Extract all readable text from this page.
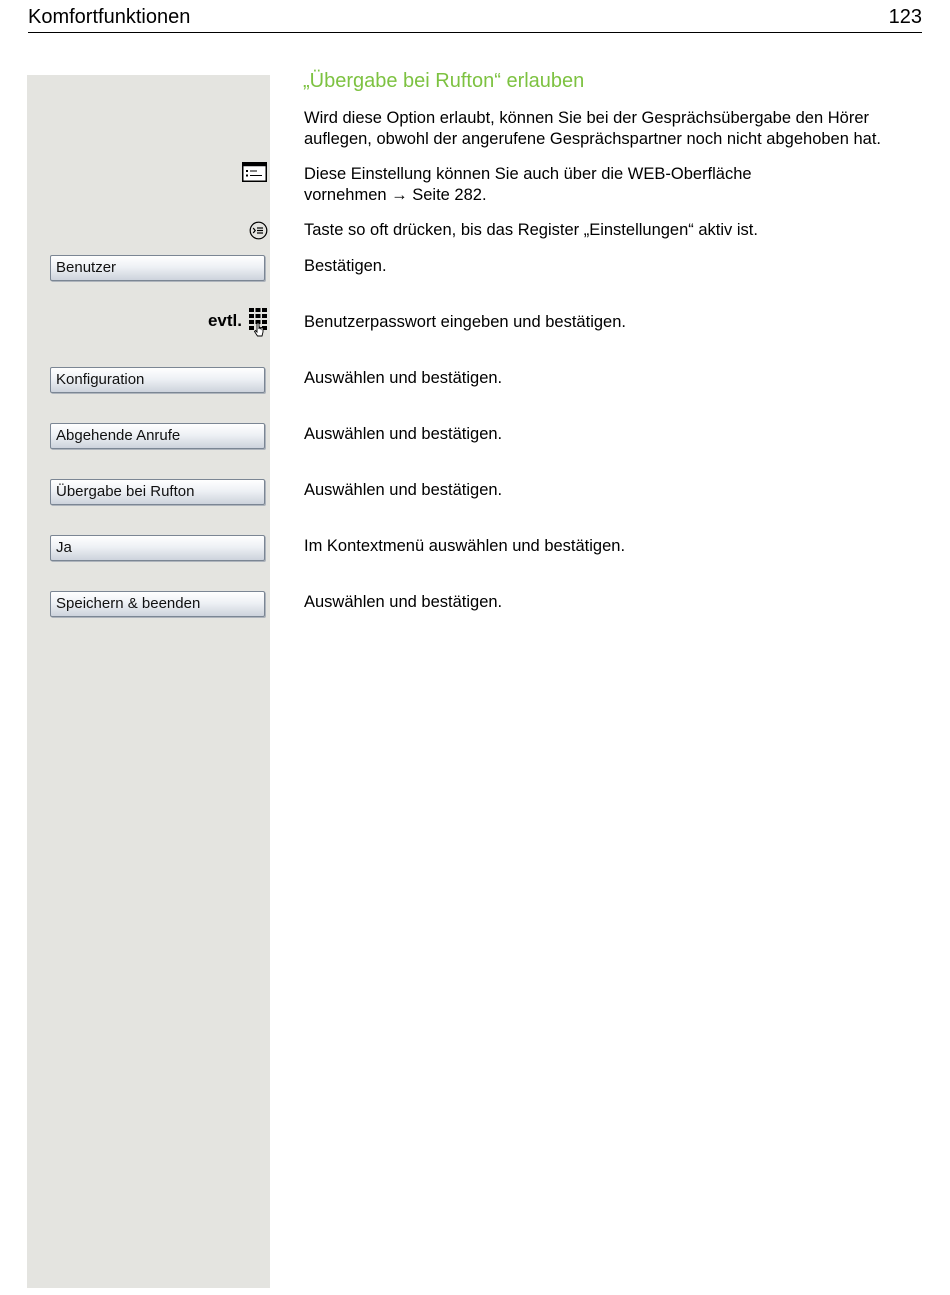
Komfortfunktionen	123
evtl.
Benutzer
Konfiguration
Abgehende Anrufe
Übergabe bei Rufton
Ja
Speichern & beenden
„Übergabe bei Rufton“ erlauben
Wird diese Option erlaubt, können Sie bei der Gesprächsübergabe den Hörer auflegen, obwohl der angerufene Gesprächspartner noch nicht abgehoben hat.
Diese Einstellung können Sie auch über die WEB-Oberfläche
vornehmen → Seite 282.
Taste so oft drücken, bis das Register „Einstellungen“ aktiv ist.
Bestätigen.
Benutzerpasswort eingeben und bestätigen.
Auswählen und bestätigen.
Auswählen und bestätigen.
Auswählen und bestätigen.
Im Kontextmenü auswählen und bestätigen.
Auswählen und bestätigen.
